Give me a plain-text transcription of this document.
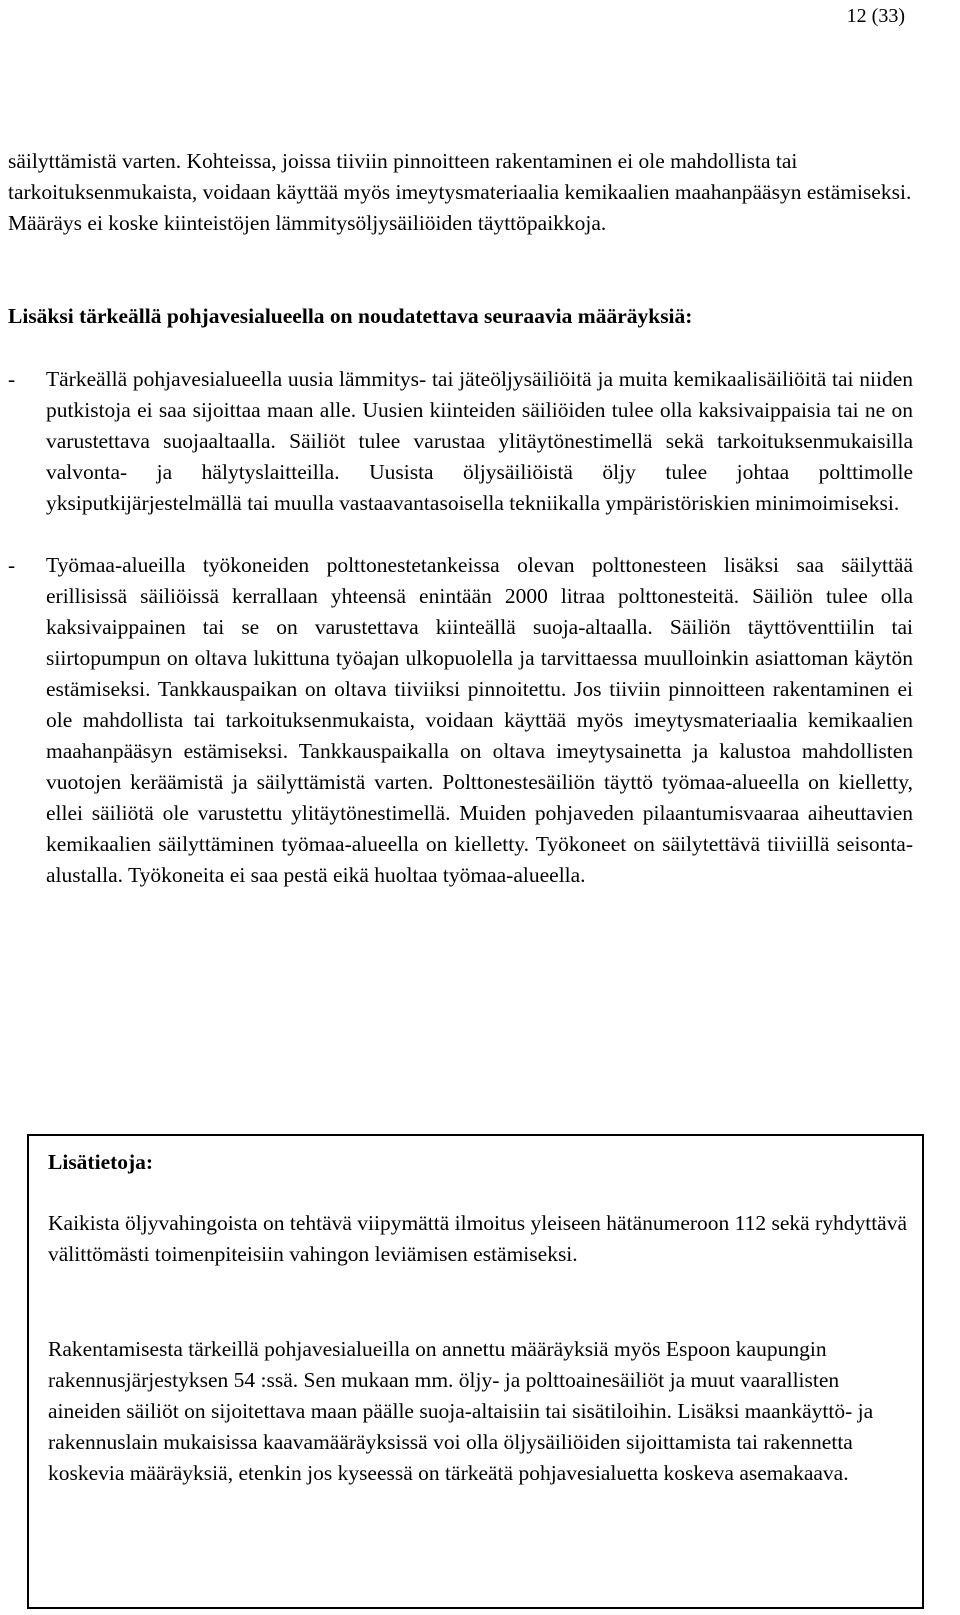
12 (33)

säilyttämistä varten. Kohteissa, joissa tiiviin pinnoitteen rakentaminen ei ole mahdollista tai tarkoituksenmukaista, voidaan käyttää myös imeytysmateriaalia kemikaalien maahanpääsyn estämiseksi. Määräys ei koske kiinteistöjen lämmitysöljysäiliöiden täyttöpaikkoja.

Lisäksi tärkeällä pohjavesialueella on noudatettava seuraavia määräyksiä:

-	Tärkeällä pohjavesialueella uusia lämmitys- tai jäteöljysäiliöitä ja muita kemikaalisäiliöitä tai niiden putkistoja ei saa sijoittaa maan alle. Uusien kiinteiden säiliöiden tulee olla kaksivaippaisia tai ne on varustettava suojaaltaalla. Säiliöt tulee varustaa ylitäytönestimellä sekä tarkoituksenmukaisilla valvonta- ja hälytyslaitteilla. Uusista öljysäiliöistä öljy tulee johtaa polttimolle yksiputkijärjestelmällä tai muulla vastaavantasoisella tekniikalla ympäristöriskien minimoimiseksi.
-	Työmaa-alueilla työkoneiden polttonestetankeissa olevan polttonesteen lisäksi saa säilyttää erillisissä säiliöissä kerrallaan yhteensä enintään 2000 litraa polttonesteitä. Säiliön tulee olla kaksivaippainen tai se on varustettava kiinteällä suoja-altaalla. Säiliön täyttöventtiilin tai siirtopumpun on oltava lukittuna työajan ulkopuolella ja tarvittaessa muulloinkin asiattoman käytön estämiseksi. Tankkauspaikan on oltava tiiviiksi pinnoitettu. Jos tiiviin pinnoitteen rakentaminen ei ole mahdollista tai tarkoituksenmukaista, voidaan käyttää myös imeytysmateriaalia kemikaalien maahanpääsyn estämiseksi. Tankkauspaikalla on oltava imeytysainetta ja kalustoa mahdollisten vuotojen keräämistä ja säilyttämistä varten. Polttonestesäiliön täyttö työmaa-alueella on kielletty, ellei säiliötä ole varustettu ylitäytönestimellä. Muiden pohjaveden pilaantumisvaaraa aiheuttavien kemikaalien säilyttäminen työmaa-alueella on kielletty. Työkoneet on säilytettävä tiiviillä seisonta-alustalla. Työkoneita ei saa pestä eikä huoltaa työmaa-alueella.

Lisätietoja:

Kaikista öljyvahingoista on tehtävä viipymättä ilmoitus yleiseen hätänumeroon 112 sekä ryhdyttävä välittömästi toimenpiteisiin vahingon leviämisen estämiseksi.

Rakentamisesta tärkeillä pohjavesialueilla on annettu määräyksiä myös Espoon kaupungin rakennusjärjestyksen 54 :ssä. Sen mukaan mm. öljy- ja polttoainesäiliöt ja muut vaarallisten aineiden säiliöt on sijoitettava maan päälle suoja-altaisiin tai sisätiloihin. Lisäksi maankäyttö- ja rakennuslain mukaisissa kaavamääräyksissä voi olla öljysäiliöiden sijoittamista tai rakennetta koskevia määräyksiä, etenkin jos kyseessä on tärkeätä pohjavesialuetta koskeva asemakaava.
